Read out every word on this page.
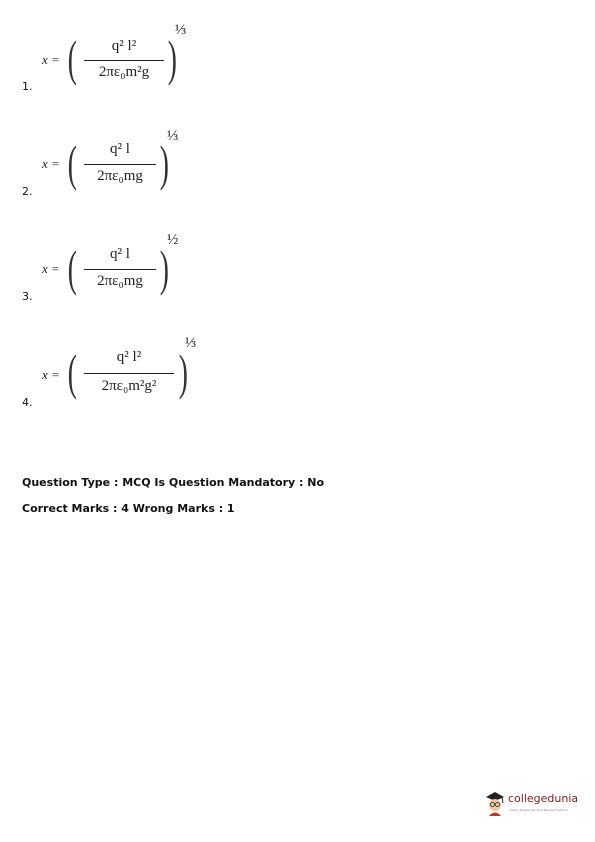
1.
x = (	q² l²
2πε₀m²g )
⅓
2.
x = (	q² l
2πε₀mg )
⅓
3.
x = (	q² l
2πε₀mg )
½
4.
x = (	q² l²
2πε₀m²g² )
⅓
Question Type : MCQ Is Question Mandatory : No
Correct Marks : 4 Wrong Marks : 1
collegedunia
India's largest Student Review Platform
